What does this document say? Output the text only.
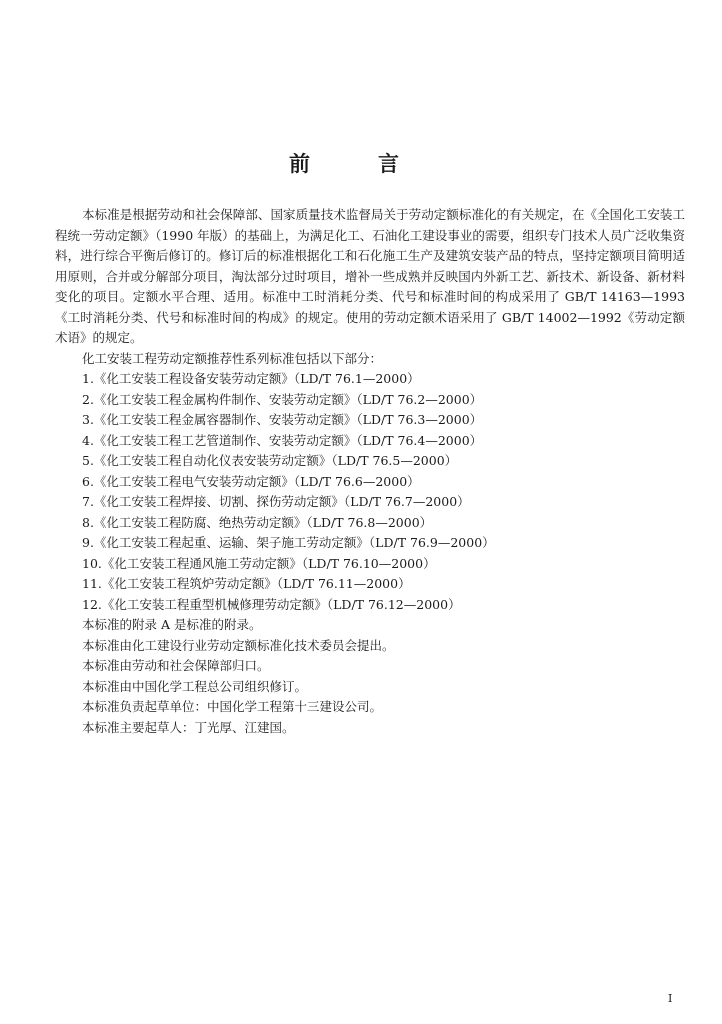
前言

本标准是根据劳动和社会保障部、国家质量技术监督局关于劳动定额标准化的有关规定，在《全国化工安装工程统一劳动定额》（1990 年版）的基础上，为满足化工、石油化工建设事业的需要，组织专门技术人员广泛收集资料，进行综合平衡后修订的。修订后的标准根据化工和石化施工生产及建筑安装产品的特点，坚持定额项目简明适用原则，合并或分解部分项目，淘汰部分过时项目，增补一些成熟并反映国内外新工艺、新技术、新设备、新材料变化的项目。定额水平合理、适用。标准中工时消耗分类、代号和标准时间的构成采用了 GB/T 14163—1993《工时消耗分类、代号和标准时间的构成》的规定。使用的劳动定额术语采用了 GB/T 14002—1992《劳动定额术语》的规定。

化工安装工程劳动定额推荐性系列标准包括以下部分：

1.《化工安装工程设备安装劳动定额》（LD/T 76.1—2000）

2.《化工安装工程金属构件制作、安装劳动定额》（LD/T 76.2—2000）

3.《化工安装工程金属容器制作、安装劳动定额》（LD/T 76.3—2000）

4.《化工安装工程工艺管道制作、安装劳动定额》（LD/T 76.4—2000）

5.《化工安装工程自动化仪表安装劳动定额》（LD/T 76.5—2000）

6.《化工安装工程电气安装劳动定额》（LD/T 76.6—2000）

7.《化工安装工程焊接、切割、探伤劳动定额》（LD/T 76.7—2000）

8.《化工安装工程防腐、绝热劳动定额》（LD/T 76.8—2000）

9.《化工安装工程起重、运输、架子施工劳动定额》（LD/T 76.9—2000）

10.《化工安装工程通风施工劳动定额》（LD/T 76.10—2000）

11.《化工安装工程筑炉劳动定额》（LD/T 76.11—2000）

12.《化工安装工程重型机械修理劳动定额》（LD/T 76.12—2000）

本标准的附录 A 是标准的附录。

本标准由化工建设行业劳动定额标准化技术委员会提出。

本标准由劳动和社会保障部归口。

本标准由中国化学工程总公司组织修订。

本标准负责起草单位：中国化学工程第十三建设公司。

本标准主要起草人：丁光厚、江建国。

I
